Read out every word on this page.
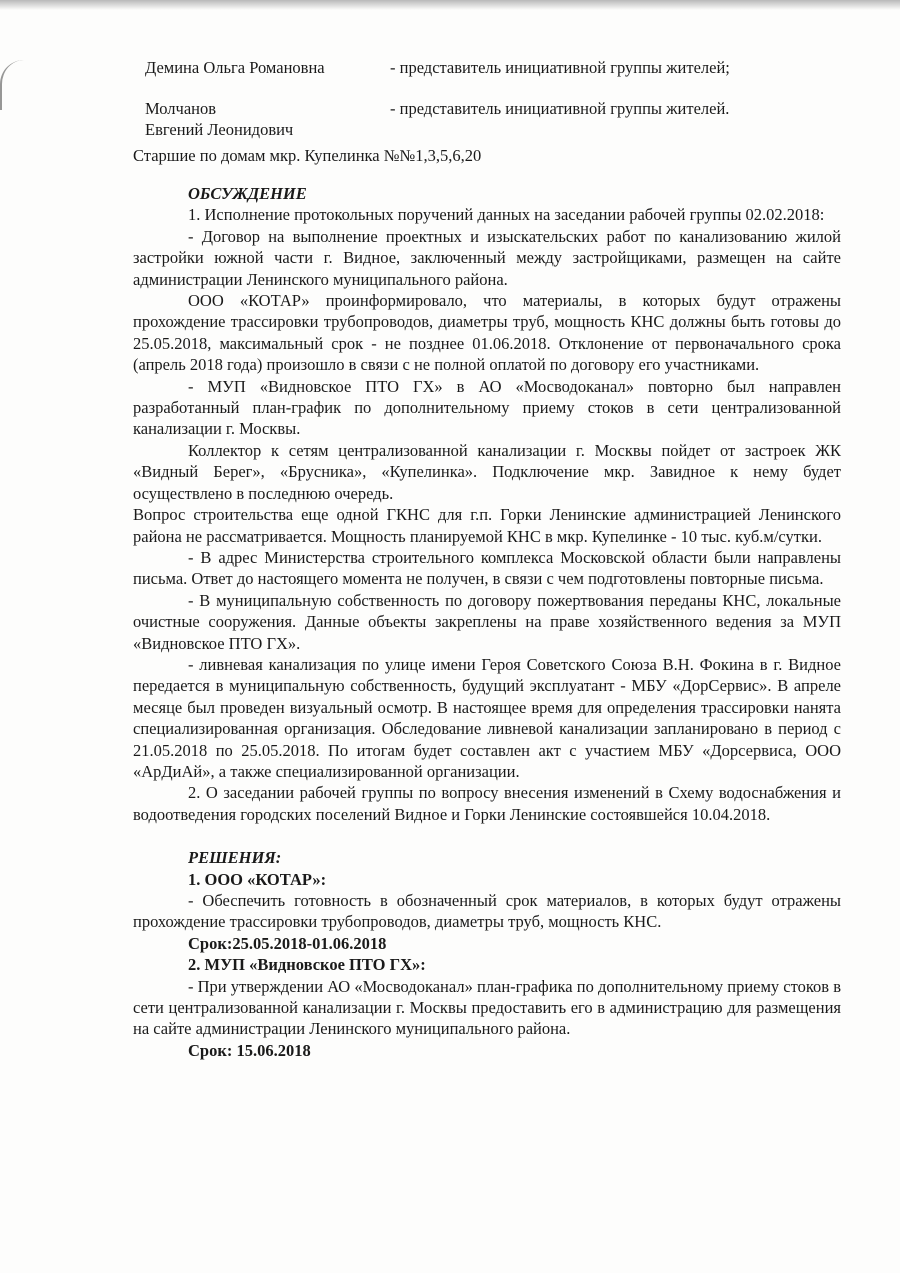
Демина Ольга Романовна	- представитель инициативной группы жителей;
Молчанов
Евгений Леонидович
- представитель инициативной группы жителей.
Старшие по домам мкр. Купелинка №№1,3,5,6,20

ОБСУЖДЕНИЕ

1. Исполнение протокольных поручений данных на заседании рабочей группы 02.02.2018:

- Договор на выполнение проектных и изыскательских работ по канализованию жилой застройки южной части г. Видное, заключенный между застройщиками, размещен на сайте администрации Ленинского муниципального района.

ООО «КОТАР» проинформировало, что материалы, в которых будут отражены прохождение трассировки трубопроводов, диаметры труб, мощность КНС должны быть готовы до 25.05.2018, максимальный срок - не позднее 01.06.2018. Отклонение от первоначального срока (апрель 2018 года) произошло в связи с не полной оплатой по договору его участниками.

- МУП «Видновское ПТО ГХ» в АО «Мосводоканал» повторно был направлен разработанный план-график по дополнительному приему стоков в сети централизованной канализации г. Москвы.

Коллектор к сетям централизованной канализации г. Москвы пойдет от застроек ЖК «Видный Берег», «Брусника», «Купелинка». Подключение мкр. Завидное к нему будет осуществлено в последнюю очередь.

Вопрос строительства еще одной ГКНС для г.п. Горки Ленинские администрацией Ленинского района не рассматривается. Мощность планируемой КНС в мкр. Купелинке - 10 тыс. куб.м/сутки.

- В адрес Министерства строительного комплекса Московской области были направлены письма. Ответ до настоящего момента не получен, в связи с чем подготовлены повторные письма.

- В муниципальную собственность по договору пожертвования переданы КНС, локальные очистные сооружения. Данные объекты закреплены на праве хозяйственного ведения за МУП «Видновское ПТО ГХ».

- ливневая канализация по улице имени Героя Советского Союза В.Н. Фокина в г. Видное передается в муниципальную собственность, будущий эксплуатант - МБУ «ДорСервис». В апреле месяце был проведен визуальный осмотр. В настоящее время для определения трассировки нанята специализированная организация. Обследование ливневой канализации запланировано в период с 21.05.2018 по 25.05.2018. По итогам будет составлен акт с участием МБУ «Дорсервиса, ООО «АрДиАй», а также специализированной организации.

2. О заседании рабочей группы по вопросу внесения изменений в Схему водоснабжения и водоотведения городских поселений Видное и Горки Ленинские состоявшейся 10.04.2018.

РЕШЕНИЯ:

1. ООО «КОТАР»:

- Обеспечить готовность в обозначенный срок материалов, в которых будут отражены прохождение трассировки трубопроводов, диаметры труб, мощность КНС.

Срок:25.05.2018-01.06.2018

2. МУП «Видновское ПТО ГХ»:

- При утверждении АО «Мосводоканал» план-графика по дополнительному приему стоков в сети централизованной канализации г. Москвы предоставить его в администрацию для размещения на сайте администрации Ленинского муниципального района.

Срок: 15.06.2018
